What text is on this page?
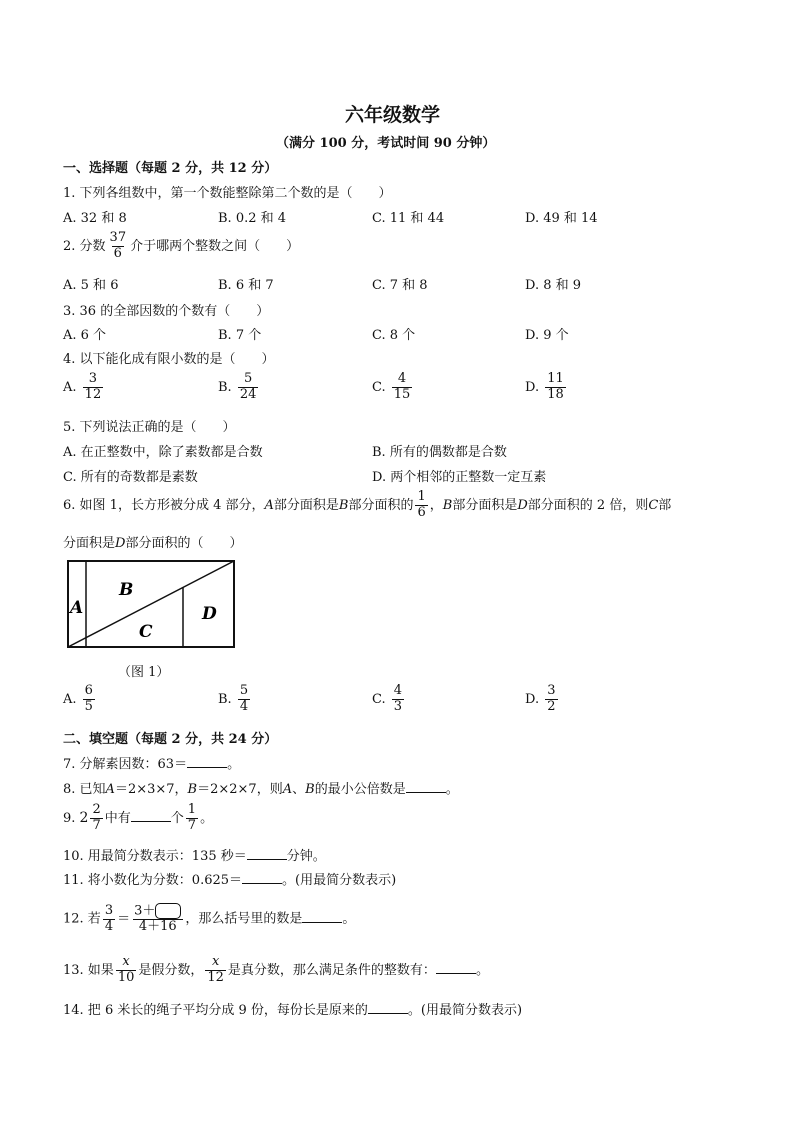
六年级数学
（满分 100 分，考试时间 90 分钟）
一、选择题（每题 2 分，共 12 分）
1. 下列各组数中，第一个数能整除第二个数的是（　　）
A. 32 和 8	B. 0.2 和 4	C. 11 和 44	D. 49 和 14
2. 分数 $\frac{37}{6}$ 介于哪两个整数之间（　　）
A. 5 和 6	B. 6 和 7	C. 7 和 8	D. 8 和 9
3. 36 的全部因数的个数有（　　）
A. 6 个	B. 7 个	C. 8 个	D. 9 个
4. 以下能化成有限小数的是（　　）
A. $\frac{3}{12}$	B. $\frac{5}{24}$	C. $\frac{4}{15}$	D. $\frac{11}{18}$
5. 下列说法正确的是（　　）
A. 在正整数中，除了素数都是合数	B. 所有的偶数都是合数
C. 所有的奇数都是素数	D. 两个相邻的正整数一定互素
6. 如图 1，长方形被分成 4 部分，A部分面积是B部分面积的 $\frac{1}{6}$ ，B部分面积是D部分面积的 2 倍，则C部
分面积是D部分面积的（　　）
A
B
C
D
（图 1）
A. $\frac{6}{5}$	B. $\frac{5}{4}$	C. $\frac{4}{3}$	D. $\frac{3}{2}$
二、填空题（每题 2 分，共 24 分）
7. 分解素因数：63＝	。
8. 已知A＝2×3×7，B＝2×2×7，则A、B的最小公倍数是	。
9. $2 \frac{2}{7}$ 中有	个 $\frac{1}{7}$ 。
10. 用最简分数表示：135 秒＝	分钟。
11. 将小数化为分数：0.625＝	。(用最简分数表示)
12. 若 $\frac{3}{4} = \frac{3+}{4+16}$ ，那么括号里的数是	。
13. 如果 $\frac{x}{10}$ 是假分数， $\frac{x}{12}$ 是真分数，那么满足条件的整数有：	。
14. 把 6 米长的绳子平均分成 9 份，每份长是原来的	。(用最简分数表示)
